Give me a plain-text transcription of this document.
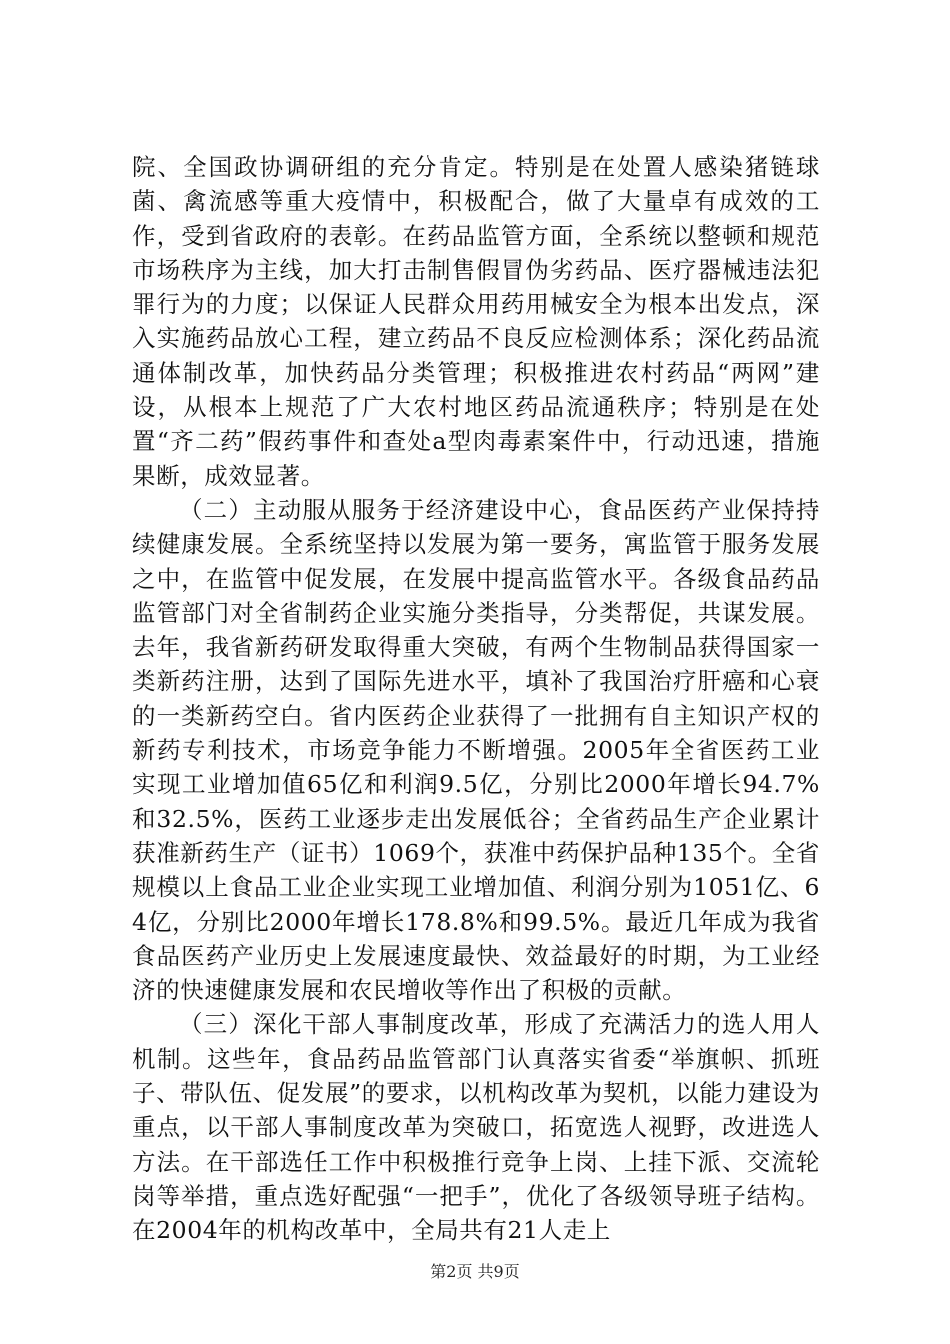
院、全国政协调研组的充分肯定。特别是在处置人感染猪链球菌、禽流感等重大疫情中，积极配合，做了大量卓有成效的工作，受到省政府的表彰。在药品监管方面，全系统以整顿和规范市场秩序为主线，加大打击制售假冒伪劣药品、医疗器械违法犯罪行为的力度；以保证人民群众用药用械安全为根本出发点，深入实施药品放心工程，建立药品不良反应检测体系；深化药品流通体制改革，加快药品分类管理；积极推进农村药品“两网”建设，从根本上规范了广大农村地区药品流通秩序；特别是在处置“齐二药”假药事件和查处a型肉毒素案件中，行动迅速，措施果断，成效显著。

（二）主动服从服务于经济建设中心，食品医药产业保持持续健康发展。全系统坚持以发展为第一要务，寓监管于服务发展之中，在监管中促发展，在发展中提高监管水平。各级食品药品监管部门对全省制药企业实施分类指导，分类帮促，共谋发展。去年，我省新药研发取得重大突破，有两个生物制品获得国家一类新药注册，达到了国际先进水平，填补了我国治疗肝癌和心衰的一类新药空白。省内医药企业获得了一批拥有自主知识产权的新药专利技术，市场竞争能力不断增强。2005年全省医药工业实现工业增加值65亿和利润9.5亿，分别比2000年增长94.7%和32.5%，医药工业逐步走出发展低谷；全省药品生产企业累计获准新药生产（证书）1069个，获准中药保护品种135个。全省规模以上食品工业企业实现工业增加值、利润分别为1051亿、64亿，分别比2000年增长178.8%和99.5%。最近几年成为我省食品医药产业历史上发展速度最快、效益最好的时期，为工业经济的快速健康发展和农民增收等作出了积极的贡献。

（三）深化干部人事制度改革，形成了充满活力的选人用人机制。这些年，食品药品监管部门认真落实省委“举旗帜、抓班子、带队伍、促发展”的要求，以机构改革为契机，以能力建设为重点，以干部人事制度改革为突破口，拓宽选人视野，改进选人方法。在干部选任工作中积极推行竞争上岗、上挂下派、交流轮岗等举措，重点选好配强“一把手”，优化了各级领导班子结构。在2004年的机构改革中，全局共有21人走上

第2页 共9页
